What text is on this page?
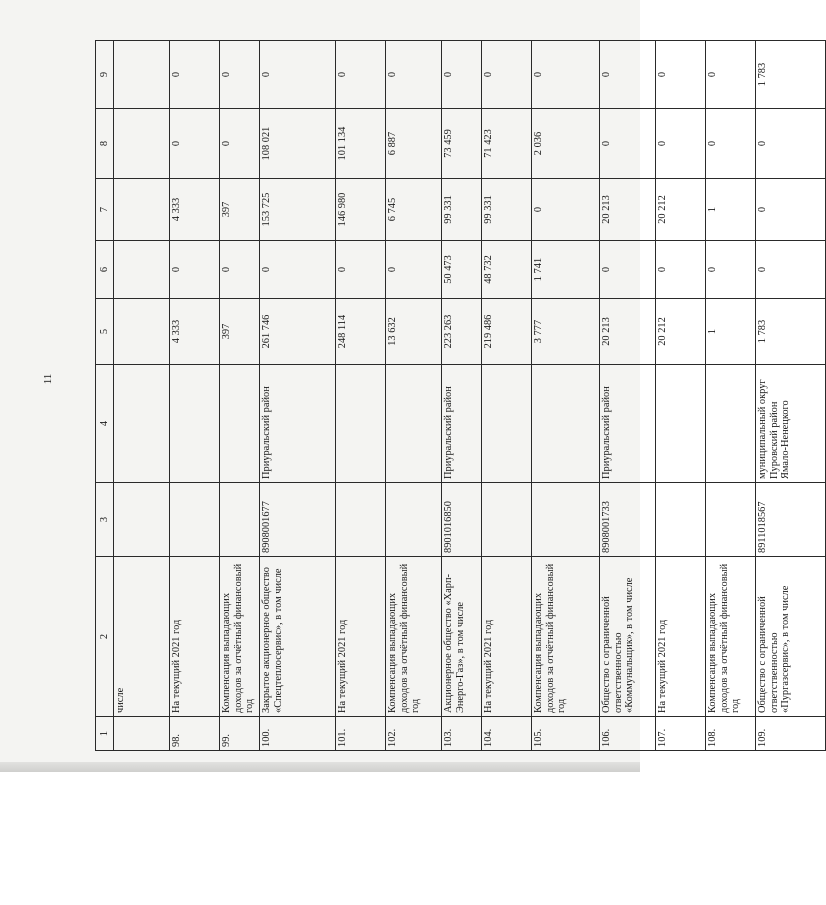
11
1	2	3	4	5	6	7	8	9
	числе							
98.	На текущий 2021 год			4 333	0	4 333	0	0
99.	Компенсация выпадающих доходов за отчётный финансовый год			397	0	397	0	0
100.	Закрытое акционерное общество «Спецтеплосервис», в том числе	8908001677	Приуральский район	261 746	0	153 725	108 021	0
101.	На текущий 2021 год			248 114	0	146 980	101 134	0
102.	Компенсация выпадающих доходов за отчётный финансовый год			13 632	0	6 745	6 887	0
103.	Акционерное общество «Харп-Энерго-Газ», в том числе	8901016850	Приуральский район	223 263	50 473	99 331	73 459	0
104.	На текущий 2021 год			219 486	48 732	99 331	71 423	0
105.	Компенсация выпадающих доходов за отчётный финансовый год			3 777	1 741	0	2 036	0
106.	Общество с ограниченной ответственностью «Коммунальщик», в том числе	8908001733	Приуральский район	20 213	0	20 213	0	0
107.	На текущий 2021 год			20 212	0	20 212	0	0
108.	Компенсация выпадающих доходов за отчётный финансовый год			1	0	1	0	0
109.	Общество с ограниченной ответственностью «Пургазсервис», в том числе	8911018567	муниципальный округ Пуровский район Ямало-Ненецкого	1 783	0	0	0	1 783
